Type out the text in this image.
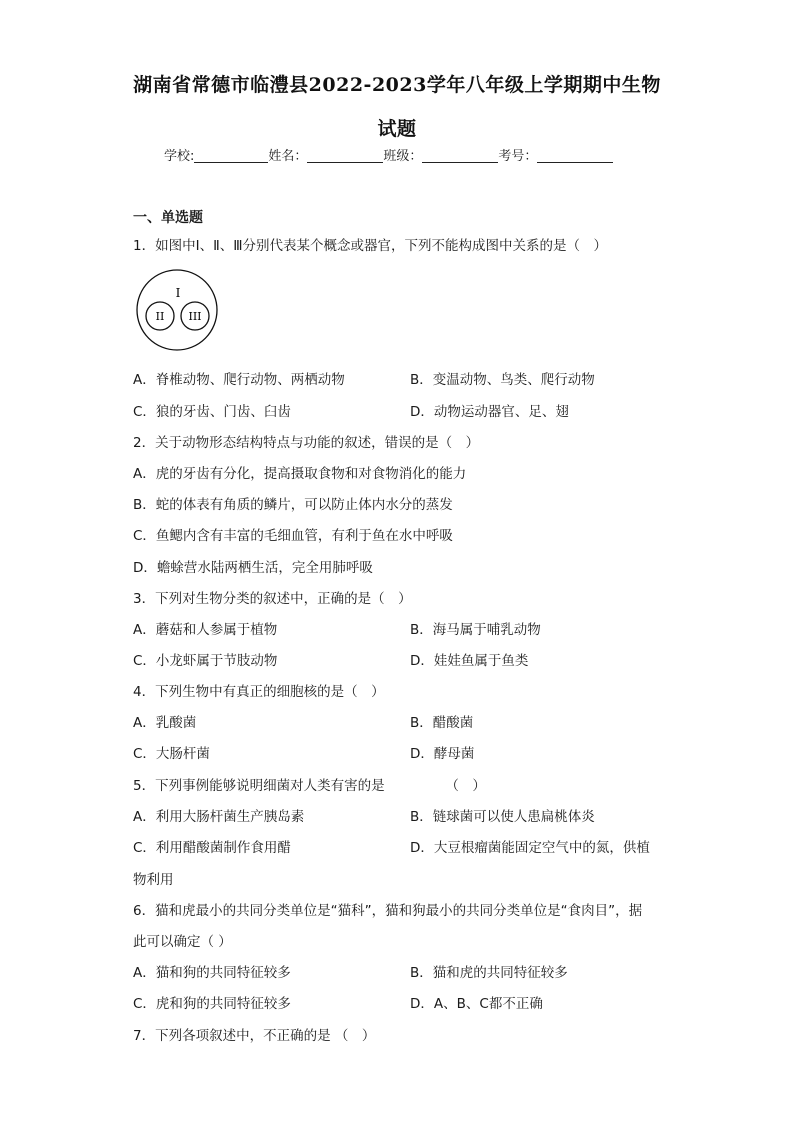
湖南省常德市临澧县2022-2023学年八年级上学期期中生物
试题
学校:	姓名：	班级：	考号：
一、单选题
1．如图中Ⅰ、Ⅱ、Ⅲ分别代表某个概念或器官，下列不能构成图中关系的是（　）
I
II III
A．脊椎动物、爬行动物、两栖动物	B．变温动物、鸟类、爬行动物
C．狼的牙齿、门齿、臼齿	D．动物运动器官、足、翅
2．关于动物形态结构特点与功能的叙述，错误的是（　）
A．虎的牙齿有分化，提高摄取食物和对食物消化的能力
B．蛇的体表有角质的鳞片，可以防止体内水分的蒸发
C．鱼鳃内含有丰富的毛细血管，有利于鱼在水中呼吸
D．蟾蜍营水陆两栖生活，完全用肺呼吸
3．下列对生物分类的叙述中，正确的是（　）
A．蘑菇和人参属于植物	B．海马属于哺乳动物
C．小龙虾属于节肢动物	D．娃娃鱼属于鱼类
4．下列生物中有真正的细胞核的是（　）
A．乳酸菌	B．醋酸菌
C．大肠杆菌	D．酵母菌
5．下列事例能够说明细菌对人类有害的是　　　　　（　）
A．利用大肠杆菌生产胰岛素	B．链球菌可以使人患扁桃体炎
C．利用醋酸菌制作食用醋	D．大豆根瘤菌能固定空气中的氮，供植
物利用
6．猫和虎最小的共同分类单位是“猫科”，猫和狗最小的共同分类单位是“食肉目”，据
此可以确定（ ）
A．猫和狗的共同特征较多	B．猫和虎的共同特征较多
C．虎和狗的共同特征较多	D．A、B、C都不正确
7．下列各项叙述中，不正确的是 （　）
